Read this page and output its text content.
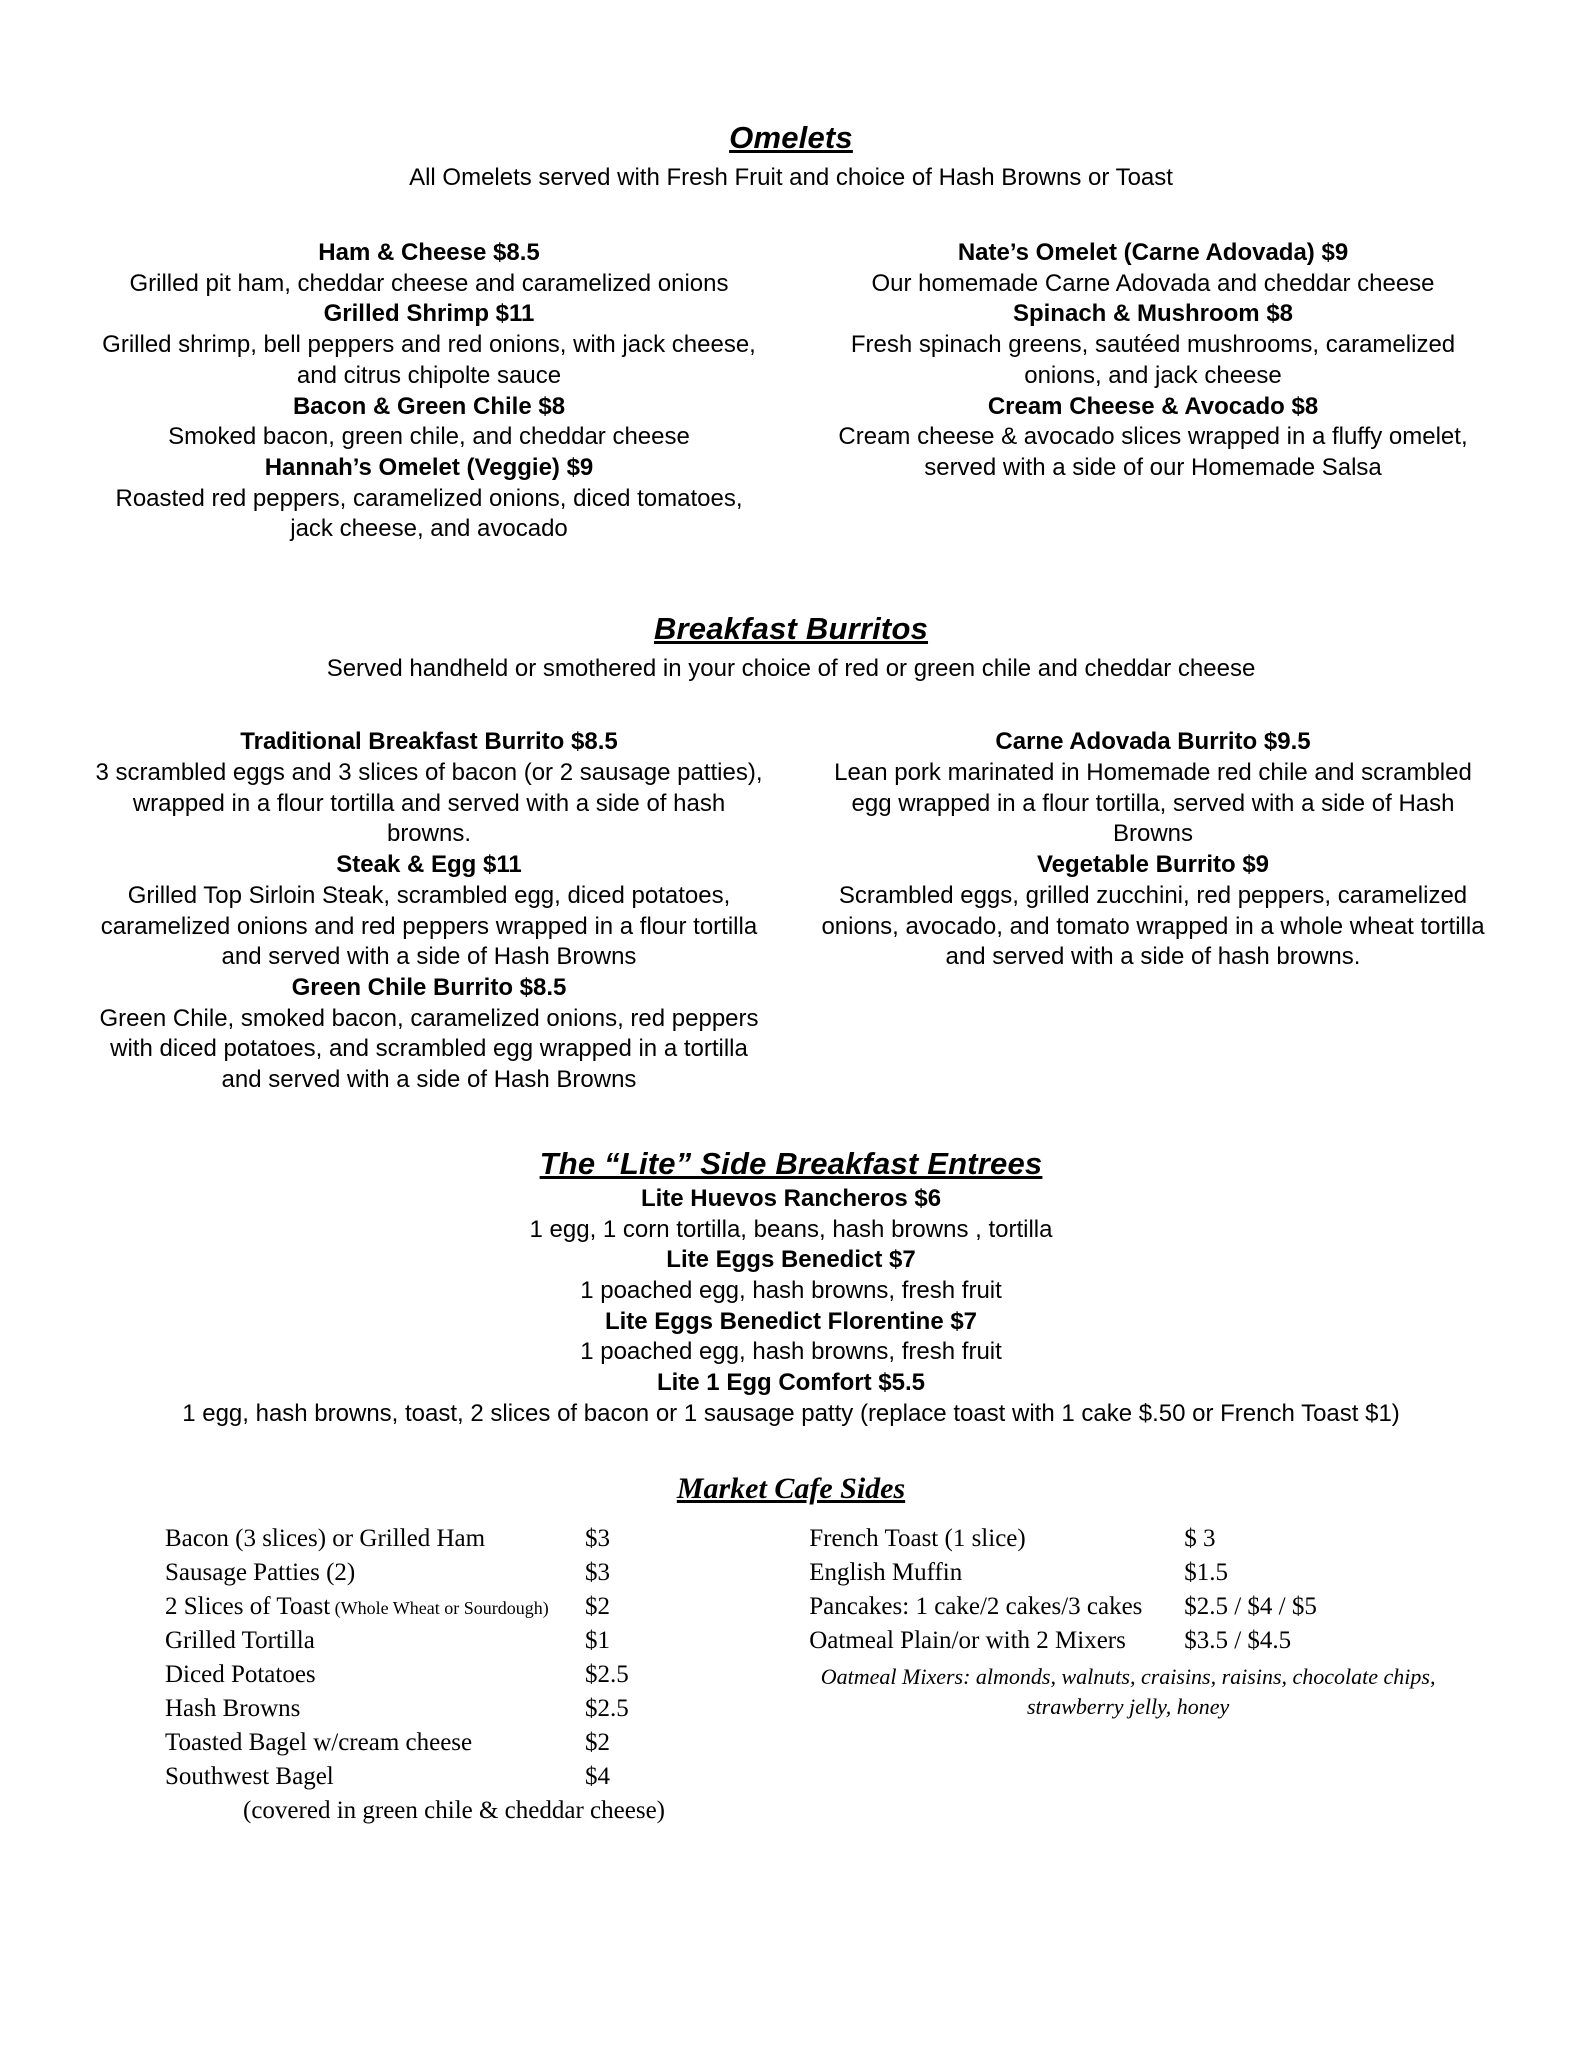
Omelets
All Omelets served with Fresh Fruit and choice of Hash Browns or Toast
Ham & Cheese $8.5
Grilled pit ham, cheddar cheese and caramelized onions
Grilled Shrimp $11
Grilled shrimp, bell peppers and red onions, with jack cheese, and citrus chipolte sauce
Bacon & Green Chile $8
Smoked bacon, green chile, and cheddar cheese
Hannah’s Omelet (Veggie) $9
Roasted red peppers, caramelized onions, diced tomatoes, jack cheese, and avocado
Nate’s Omelet (Carne Adovada) $9
Our homemade Carne Adovada and cheddar cheese
Spinach & Mushroom $8
Fresh spinach greens, sautéed mushrooms, caramelized onions, and jack cheese
Cream Cheese & Avocado $8
Cream cheese & avocado slices wrapped in a fluffy omelet, served with a side of our Homemade Salsa
Breakfast Burritos
Served handheld or smothered in your choice of red or green chile and cheddar cheese
Traditional Breakfast Burrito $8.5
3 scrambled eggs and 3 slices of bacon (or 2 sausage patties), wrapped in a flour tortilla and served with a side of hash browns.
Steak & Egg $11
Grilled Top Sirloin Steak, scrambled egg, diced potatoes, caramelized onions and red peppers wrapped in a flour tortilla and served with a side of Hash Browns
Green Chile Burrito $8.5
Green Chile, smoked bacon, caramelized onions, red peppers with diced potatoes, and scrambled egg wrapped in a tortilla and served with a side of Hash Browns
Carne Adovada Burrito $9.5
Lean pork marinated in Homemade red chile and scrambled egg wrapped in a flour tortilla, served with a side of Hash Browns
Vegetable Burrito $9
Scrambled eggs, grilled zucchini, red peppers, caramelized onions, avocado, and tomato wrapped in a whole wheat tortilla and served with a side of hash browns.
The “Lite” Side Breakfast Entrees
Lite Huevos Rancheros $6
1 egg, 1 corn tortilla, beans, hash browns , tortilla
Lite Eggs Benedict $7
1 poached egg, hash browns, fresh fruit
Lite Eggs Benedict Florentine $7
1 poached egg, hash browns, fresh fruit
Lite 1 Egg Comfort $5.5
1 egg, hash browns, toast, 2 slices of bacon or 1 sausage patty (replace toast with 1 cake $.50 or French Toast $1)
Market Cafe Sides
Bacon (3 slices) or Grilled Ham	$3
Sausage Patties (2)	$3
2 Slices of Toast (Whole Wheat or Sourdough)	$2
Grilled Tortilla	$1
Diced Potatoes	$2.5
Hash Browns	$2.5
Toasted Bagel w/cream cheese	$2
Southwest Bagel	$4
(covered in green chile & cheddar cheese)
French Toast (1 slice)	$ 3
English Muffin	$1.5
Pancakes: 1 cake/2 cakes/3 cakes	$2.5 / $4 / $5
Oatmeal Plain/or with 2 Mixers	$3.5 / $4.5
Oatmeal Mixers: almonds, walnuts, craisins, raisins, chocolate chips, strawberry jelly, honey
